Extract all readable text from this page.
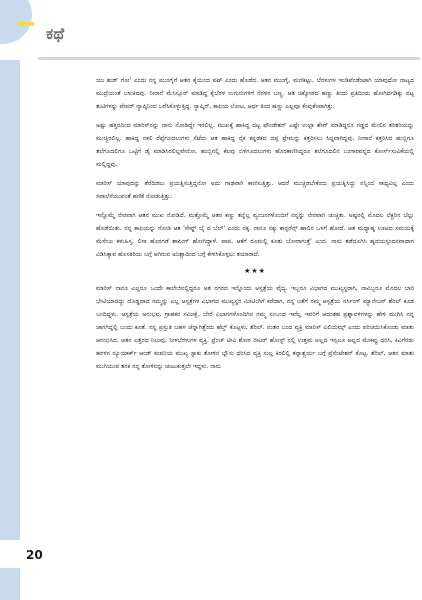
ಕಥೆ

ಯು ಶುಡ್ ಗೋ' ಎಂದು ನನ್ನ ಮುಂಗೈಗೆ ಆತನ ಕೈಯಿಂದ ಪಟ್ ಎಂದು ಹೊಡೆದ. ಆತನ ಮುಂಗೈ, ಮಣಿಕಟ್ಟು, ಬೆರಳುಗಳ ಇಂಡಿಪೆಂಡೆಂಟಾಗಿ ಯಾವುದೋ ನಾಟ್ಯದ ಮುದ್ರೆಯಂತೆ ಬಳುಕಿದವು. ನೀರಾನೆ ಮೆಸಿಸ್ಸೂರ್ ಮಾಡಿದ್ದ ಕೈಬೆರಳ ಉಗುರುಗಳಿಗೆ ನೆರಳಿನ ಬಣ್ಣ. ಆತ ಚಿಕ್ಕೋಡದ ಹಣ್ಣು ತಿಂದು ಪ್ರತಿದಿಂದು ಹೋಗಿದಗಡಿಕ್ಕು ದಟ್ಟ ತುಟಿಗಳನ್ನು ಪೇಪರ್ ನ್ಯಾಪ್ಕಿನಿಂದ ಒರೆಸಿಕೊಳ್ಳುತ್ತಿದ್ದ. ನ್ಯಾಪ್ಕಿನ್, ಕಾಫಿಯ ಲೋಟ, ಆರ್ಧ ತಿಂದ ಹಣ್ಣು ಎಲ್ಲವೂ ಕೆಂಪುಕೆಂಪಾಗಿತ್ತು.

ಅಷ್ಟು ಹತ್ತಿರದಿಂದ ಮಾರಿಸ್‌ನನ್ನು ನಾನು ನೋಡಿದ್ದೇ ಇರಲಿಲ್ಲ. ಮುಖಕ್ಕೆ ಹಾಕಿದ್ದ ದಟ್ಟ ಫೌಂಡೇಶನ್ ಎಷ್ಟೇ ಉಲ್ಟಾ ಶೇವ್ ಮಾಡಿದ್ದರೂ ಗಡ್ಡದ ಮೇಲಿನ ತರಿತರಿಯನ್ನು ಮುಚ್ಚಿರಲಿಲ್ಲ. ಹಾಕಿದ್ದ ನಕಲಿ ರೆಪ್ಪೆಗೂದಲುಗಳು ಸೆಟೆದು ಆತ ಹಾಕಿದ್ದ ನೈಕ ಕನ್ನಡಕದ ದಪ್ಪ ಫ್ರೇಮನ್ನು ಕತ್ತರಿಸಲು ಸಿದ್ಧವಾಗಿದ್ದವು. ನೀರಾನೆ ಕತ್ತರಿಸಿದ ಹುಬ್ಬಿಗೂ ತಲೆಗೂದಲಿಗೂ ಒಟ್ಟಿಗೆ ಡೈ ಮಾಡಿಸಿರಲಿಲ್ಲವೇನೋ, ಹುಬ್ಬಿನಲ್ಲಿ ಕೆಲವು ಬಿಳಿಗೂದಲುಗಳು ಹೊರಕಾಣಿಸಿದ್ದರೂ ತಲೆಗೂದಲಿನ ಬಂಗಾರವನ್ನದ ಕೋರ್ಸ್‌ಸುವಿಕೆಯಲ್ಲಿ ಮಲ್ಲಿದ್ದವು.

ಮಾರಿಸ್ ಯಾವುದನ್ನು ತೆರೆದಿಡಲು ಪ್ರಯತ್ನಿಸುತ್ತಿದ್ದನೋ ಅದು ಗಾಢವಾಗಿ ಕಾಣಿಸುತ್ತಿತ್ತು. ಆದರೆ ಮುಚ್ಚಿಡಬೇಕೆಂದು ಪ್ರಯತ್ನಿಸಿದ್ದು ನನ್ನಿಂದ ಸಾಧ್ಯವಿಲ್ಲ ಎಂದು ಸವಾಲೆಸೆಯುವಂತೆ ಹಣಿಕೆ ನೋಡುತ್ತಿತ್ತು.

ಇನ್ನೊಮ್ಮೆ ನೇರವಾಗಿ ಆತನ ಮುಖ ನೋಡಿದೆ. ಮತ್ತೊಮ್ಮೆ ಆತನ ಕಣ್ಣು ತನ್ನೆಲ್ಲ ವ್ಯಂಜನಗಳೊಂದಿಗೆ ನನ್ನನ್ನು ನೇರವಾಗಿ ಚುಚ್ಚಿತು. ಅಷ್ಟರಲ್ಲಿ ಮೊದಲ ಲೆಕ್ಚರಿನ ಬೆಲ್ಲು ಹೊಡೆಯಿತು. ನನ್ನ ಕಾಫಿಯನ್ನು ನೋಡಿ ಆತ 'ಸೇವ್ಡ್ ಬೈ ದ ಬೆಲ್' ಎಂದು ನಕ್ಕ. ನಾನೂ ನಕ್ಕು ಕಾನ್ಪರೆನ್ಸ್ ಹಾಲಿನ ಒಳಗೆ ಹೋದೆ. ಆತ ಮಧ್ಯಾಹ್ನ ಊಟದ ಸಮಯಕ್ಕೆ ಮೆಸೇಜು ಕಳುಹಿಸ್ತ, ಲಿಸಾ ಹೊರಗಡೆ ಶಾಪಿಂಗ್ ಹೋಗಿದ್ದಾಳೆ. ಪಾಪ, ಆಕೆಗೆ ರೂಮಲ್ಲಿ ಕೂತು ಬೋರಾಗುತ್ತೆ' ಎಂದ. ನಾನು ತಡೆದೂಗಿಸಿ ಹೃದಯಸ್ಪಂದನವಾದಾಗ ವಿಡಿಸಿಕ್ಕಾವ ಹೊಸತಿರಿಯ ಬಗ್ಗೆ ಆಗಿರುವ ಅನಿಶ್ಚಾದಿಂದ ಬಗ್ಗೆ ಕೇಳಿಸಿಕೊಳ್ಳಲು ತಯಾರಾದೆ.

★★★

ಮಾರಿಸ್ ನಾನೂ ಎಲ್ಲರೂ ಒಂದೇ ಕಾಲೇಜಿನಲ್ಲಿದ್ದರೂ ಆತ ನಗರದ ಇನ್ನೊಂದು ಆಸ್ಪತ್ರೆಯ ವೈದ್ಯ. ಇಬ್ಬರೂ ವಿಭಾಗದ ಮುಖ್ಯಸ್ಥರಾಗಿ, ನಾವಿಬ್ಬರೂ ಮೊದಲ ಬಾರಿ ಭೇಟಿಯಾದದ್ದು ದೊಡ್ಡದಾದ ನಮ್ಮನ್ನು ಎಲ್ಲ ಆಸ್ಪತ್ರೆಗಳ ವಿಭಾಗದ ಮುಖ್ಯಸ್ಥರ ಮೀಟಿಂಗಿಗೆ ಕರೆದಾಗ, ನನ್ನ ಜತೆಗೆ ನಮ್ಮ ಆಸ್ಪತ್ರೆಯ ನರ್ಸಿಂಗ್ ಮ್ಯಾನೇಜರ್ ಶೆರಿಲ್ ಕೂಡ ಬಂದಿದ್ದಳು. ಆಸ್ಪತ್ರೆಯ ಅನುಭವ, ಗ್ರಾಹಕರ ಸಮೀಕ್ಷೆ, ಬೇರೆ ವಿಭಾಗಗಳೊಂದಿಗಿನ ನಮ್ಮ ಸಂಬಂಧ ಇವೆಲ್ಲ ಇವರಿಗೆ ಆದಂತಹ ಪ್ರಶ್ನಾವಳಿಗಳನ್ನು ಹೇಳಿ ಮುಗಿಸಿ ನನ್ನ ಜಾಗಗಿದ್ದಲ್ಲಿ ಬಂದು ಕೂತೆ. ನನ್ನ ಪ್ರಸ್ತುತಿ ಬಹಳ ಚೆನ್ನಾಗಿತ್ತೆಂದು ಹೆಲ್ತ್ ಕೊಟ್ಟಳು, ಶೆರಿಲ್. ನಂತರ ಬಂದ ವ್ಯಕ್ತಿ ಮಾರಿಸ್ ವಿಲಿಯಮ್ಸ್ ಎಂದು ಪರಿಚಯಿಸಿಕೊಂಡು ಮಾತು ಆರಂಭಿಸಿದ. ಆತನ ಎತ್ತರದ ನಿಲುವು, ನೀಳಬೆರಳುಗಳ ವ್ಯಕ್ತಿ. ಫ್ರೆಂಚ್ ಟೀವಿ ಶೋನ ರೀಟರ್ ಹೋಸ್ಟ್ ನಲ್ಲಿ ಉತ್ತಮ ಅಲ್ಲದ ಇಸ್ಸಿಲೂ ಅಲ್ಲದ ಮೇಕಪ್ಪು ಧರಿಸಿ, ಕಿವಿಗೆರಡು ಹರಳಿನ ನ್ಯೂಯಾರ್ಕ್ ಆಂಡ್ ಕಂಪನಿಯ ಮುಖ್ಯ ಸ್ಟಾಕು ತೋಳಿನ ಬ್ಲೌಸು ಧರಿಸಿದ ವ್ಯಕ್ತಿ ಸುಲ್ಲ ಕಿರಲಿಲ್ಲಿ ತನ್ನಾಶ್ಚರ್ಯ ಬಗ್ಗೆ ಪ್ರೆಸೆಂಟೇಶನ್ ಕೊಟ್ಟ. ಶೆರಿಲ್, ಆತನ ಮಾತು ಮುಗಿಯುವ ತನಕ ನನ್ನ ತೋಳಿನನ್ನು ಚುಟುಕುತ್ತಲೇ ಇದ್ದಳು. ನಾನು

20
